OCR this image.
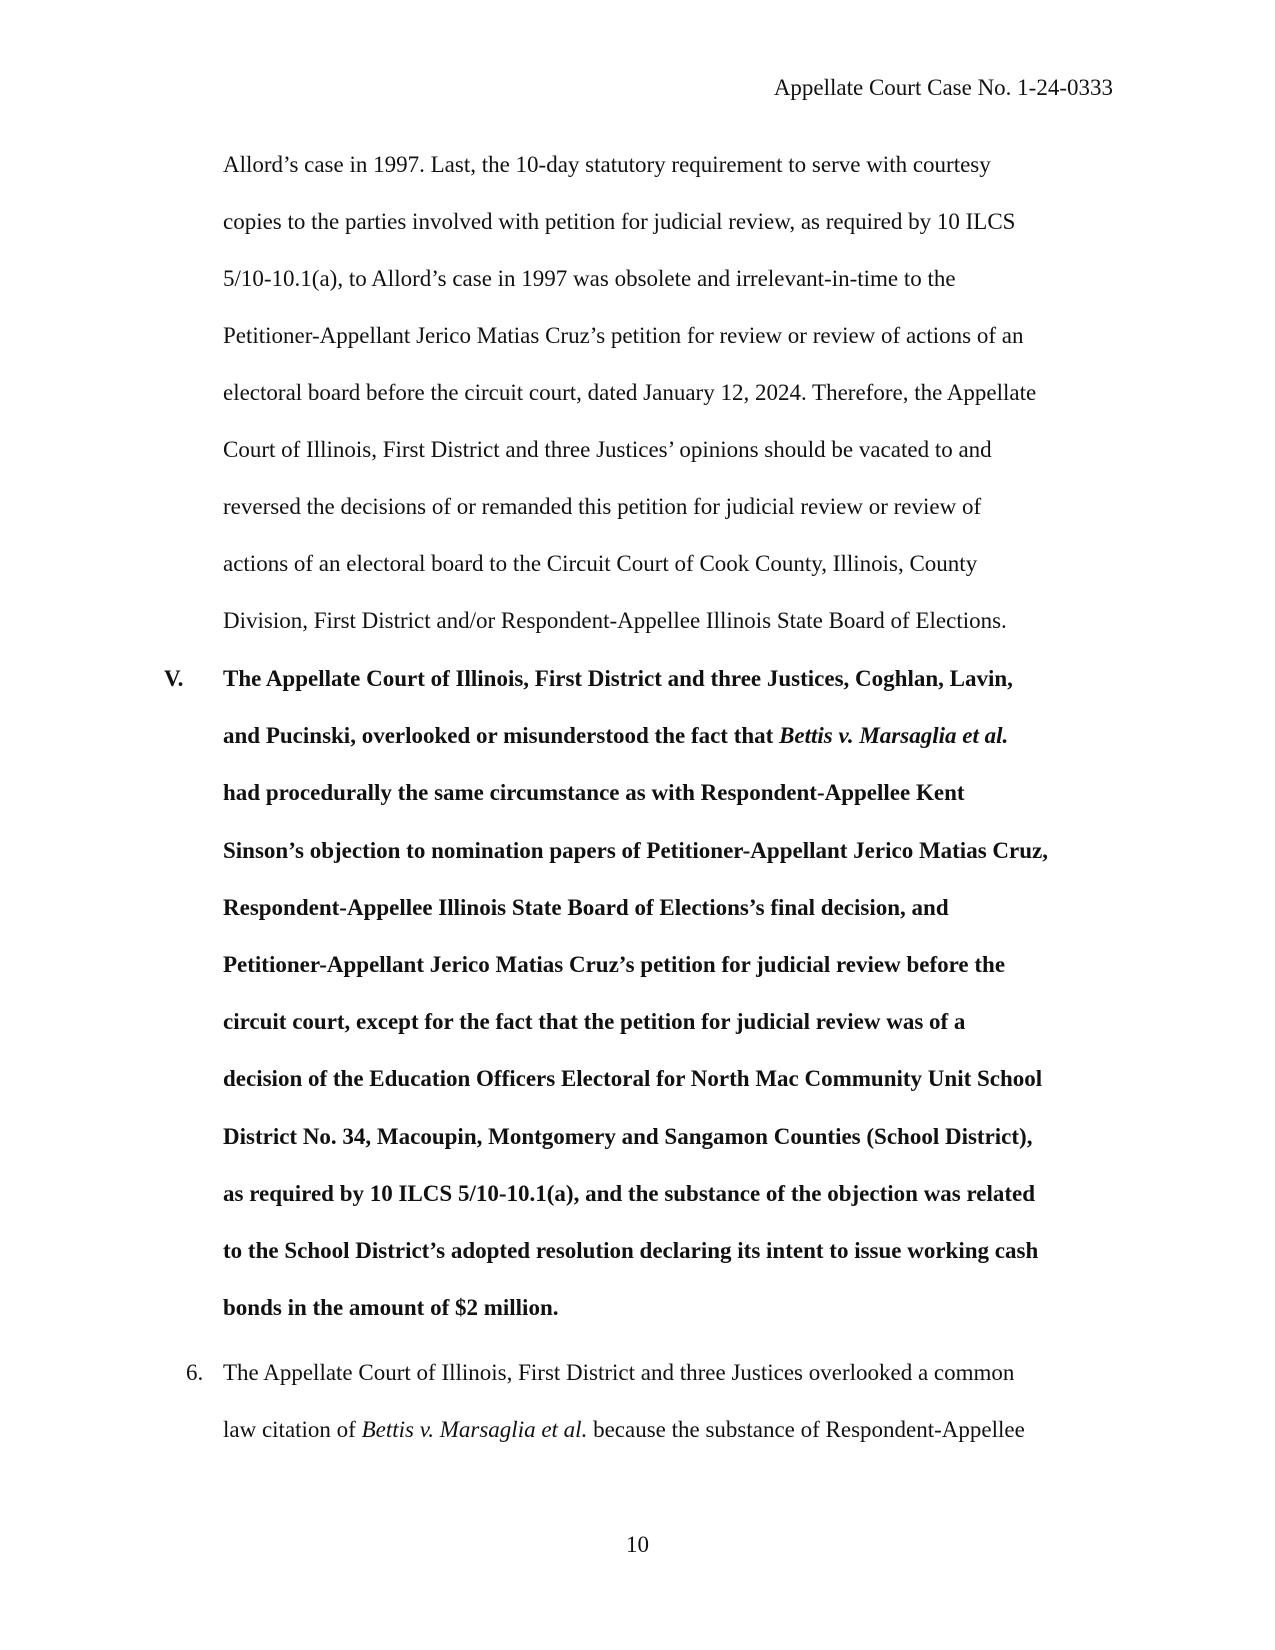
Appellate Court Case No. 1-24-0333

Allord’s case in 1997. Last, the 10-day statutory requirement to serve with courtesy

copies to the parties involved with petition for judicial review, as required by 10 ILCS

5/10-10.1(a), to Allord’s case in 1997 was obsolete and irrelevant-in-time to the

Petitioner-Appellant Jerico Matias Cruz’s petition for review or review of actions of an

electoral board before the circuit court, dated January 12, 2024. Therefore, the Appellate

Court of Illinois, First District and three Justices’ opinions should be vacated to and

reversed the decisions of or remanded this petition for judicial review or review of

actions of an electoral board to the Circuit Court of Cook County, Illinois, County

Division, First District and/or Respondent-Appellee Illinois State Board of Elections.

V. The Appellate Court of Illinois, First District and three Justices, Coghlan, Lavin,

and Pucinski, overlooked or misunderstood the fact that Bettis v. Marsaglia et al.

had procedurally the same circumstance as with Respondent-Appellee Kent

Sinson’s objection to nomination papers of Petitioner-Appellant Jerico Matias Cruz,

Respondent-Appellee Illinois State Board of Elections’s final decision, and

Petitioner-Appellant Jerico Matias Cruz’s petition for judicial review before the

circuit court, except for the fact that the petition for judicial review was of a

decision of the Education Officers Electoral for North Mac Community Unit School

District No. 34, Macoupin, Montgomery and Sangamon Counties (School District),

as required by 10 ILCS 5/10-10.1(a), and the substance of the objection was related

to the School District’s adopted resolution declaring its intent to issue working cash

bonds in the amount of $2 million.

6. The Appellate Court of Illinois, First District and three Justices overlooked a common

law citation of Bettis v. Marsaglia et al. because the substance of Respondent-Appellee

10
